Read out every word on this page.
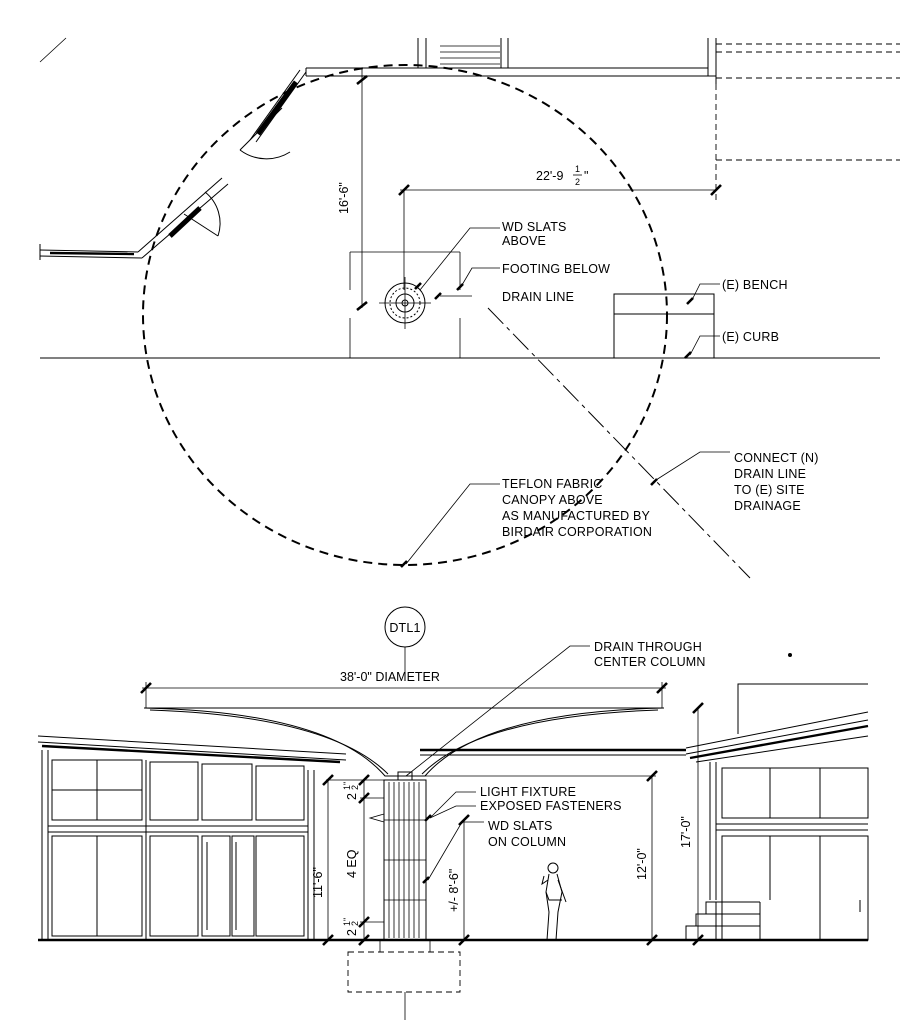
16'-6"
22'-9 1
2 "
WD SLATS
ABOVE
FOOTING BELOW
DRAIN LINE
(E) BENCH
(E) CURB
CONNECT (N)
DRAIN LINE
TO (E) SITE
DRAINAGE
TEFLON FABRIC
CANOPY ABOVE
AS MANUFACTURED BY
BIRDAIR CORPORATION
DTL1
38'-0" DIAMETER
2
1"
2
4 EQ
11'-6"
2
1"
2
+/- 8'-6"
12'-0"
17'-0"
DRAIN THROUGH
CENTER COLUMN
LIGHT FIXTURE
EXPOSED FASTENERS
WD SLATS
ON COLUMN
